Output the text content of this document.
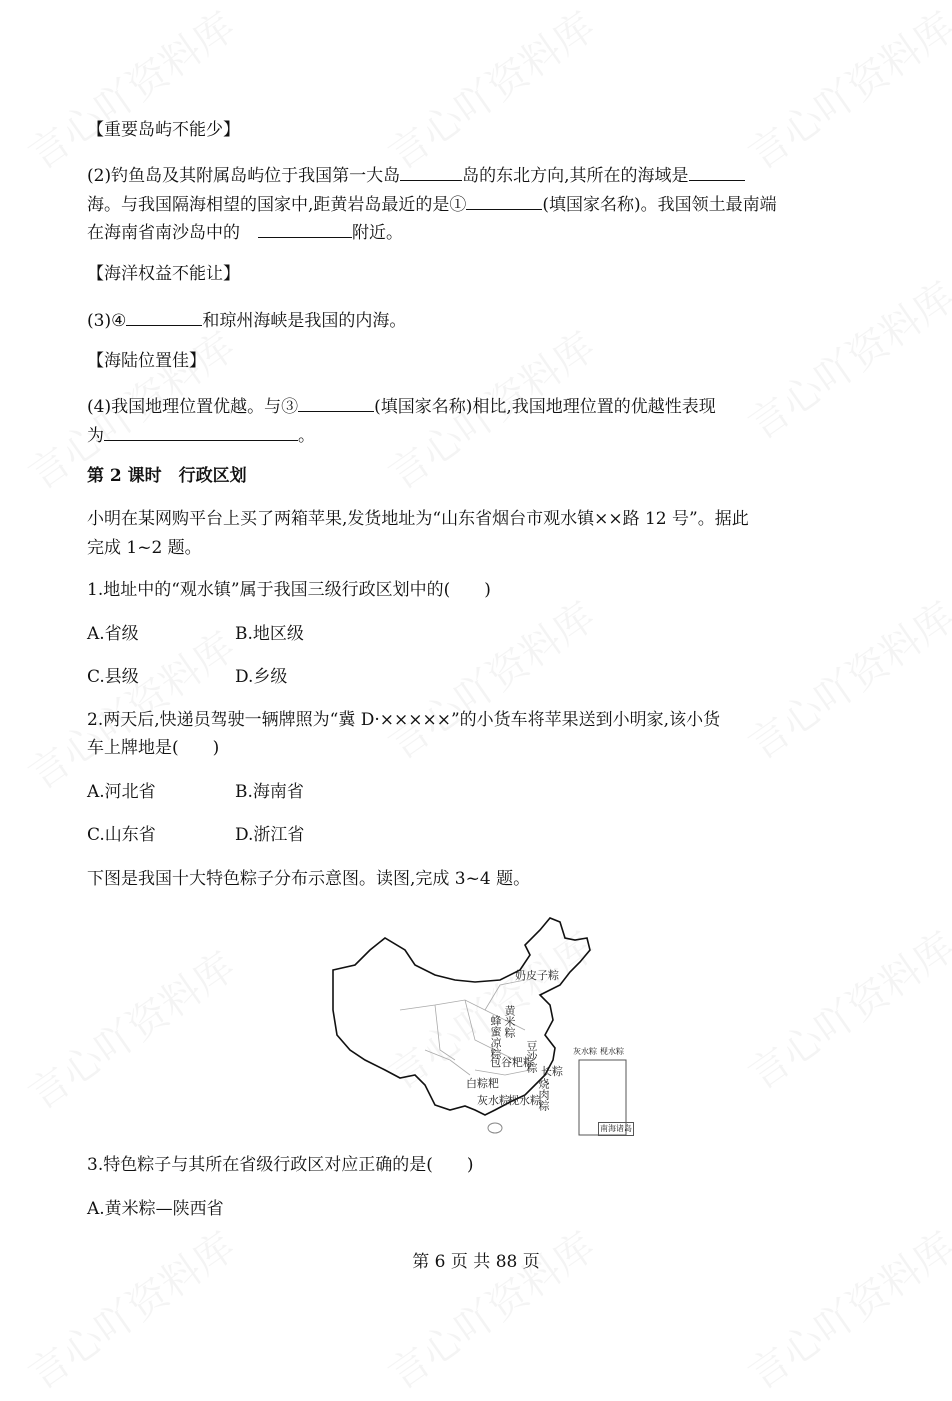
【重要岛屿不能少】
(2)钓鱼岛及其附属岛屿位于我国第一大岛	岛的东北方向,其所在的海域是
海。与我国隔海相望的国家中,距黄岩岛最近的是①	(填国家名称)。我国领土最南端
在海南省南沙岛中的	附近。
【海洋权益不能让】
(3)④	和琼州海峡是我国的内海。
【海陆位置佳】
(4)我国地理位置优越。与③	(填国家名称)相比,我国地理位置的优越性表现
为	。
第 2 课时　行政区划
小明在某网购平台上买了两箱苹果,发货地址为“山东省烟台市观水镇××路 12 号”。据此
完成 1~2 题。
1.地址中的“观水镇”属于我国三级行政区划中的(　　)
A.省级	B.地区级
C.县级	D.乡级
2.两天后,快递员驾驶一辆牌照为“冀 D·×××××”的小货车将苹果送到小明家,该小货
车上牌地是(　　)
A.河北省	B.海南省
C.山东省	D.浙江省
下图是我国十大特色粽子分布示意图。读图,完成 3~4 题。
奶皮子粽
黄米粽
蜂蜜凉粽
包谷粑粽
豆沙粽 长粽
白粽粑
灰水粽
枧水粽
烧肉粽
灰水粽 枧水粽
南海诸岛
3.特色粽子与其所在省级行政区对应正确的是(　　)
A.黄米粽—陕西省
第 6 页 共 88 页
